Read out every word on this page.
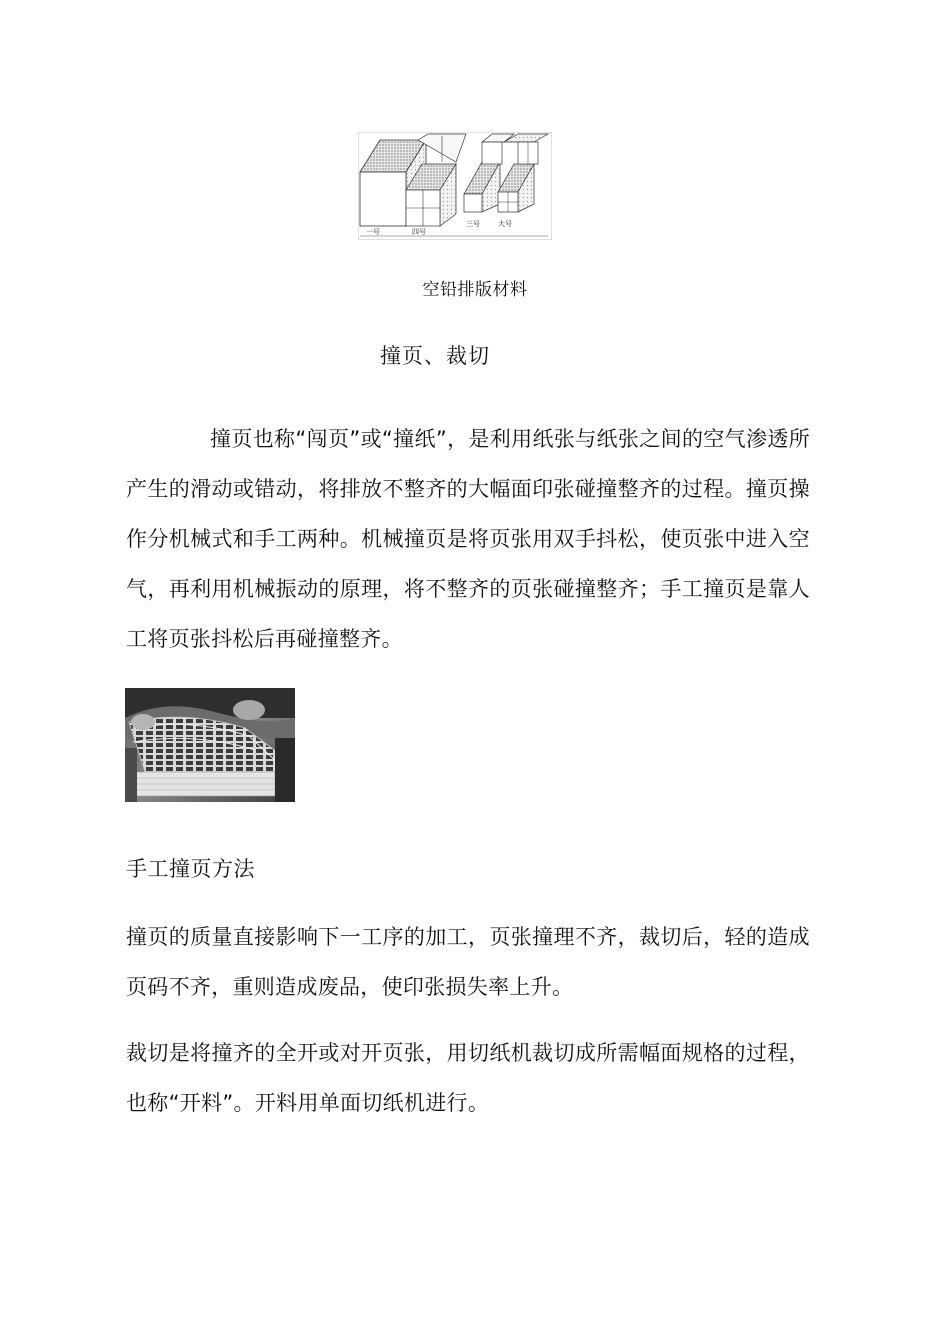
一号	四号
三号	大号
空铅排版材料
撞页、裁切

撞页也称“闯页”或“撞纸”，是利用纸张与纸张之间的空气渗透所产生的滑动或错动，将排放不整齐的大幅面印张碰撞整齐的过程。撞页操作分机械式和手工两种。机械撞页是将页张用双手抖松，使页张中进入空气，再利用机械振动的原理，将不整齐的页张碰撞整齐；手工撞页是靠人工将页张抖松后再碰撞整齐。

手工撞页方法

撞页的质量直接影响下一工序的加工，页张撞理不齐，裁切后，轻的造成页码不齐，重则造成废品，使印张损失率上升。

裁切是将撞齐的全开或对开页张，用切纸机裁切成所需幅面规格的过程，也称“开料”。开料用单面切纸机进行。
